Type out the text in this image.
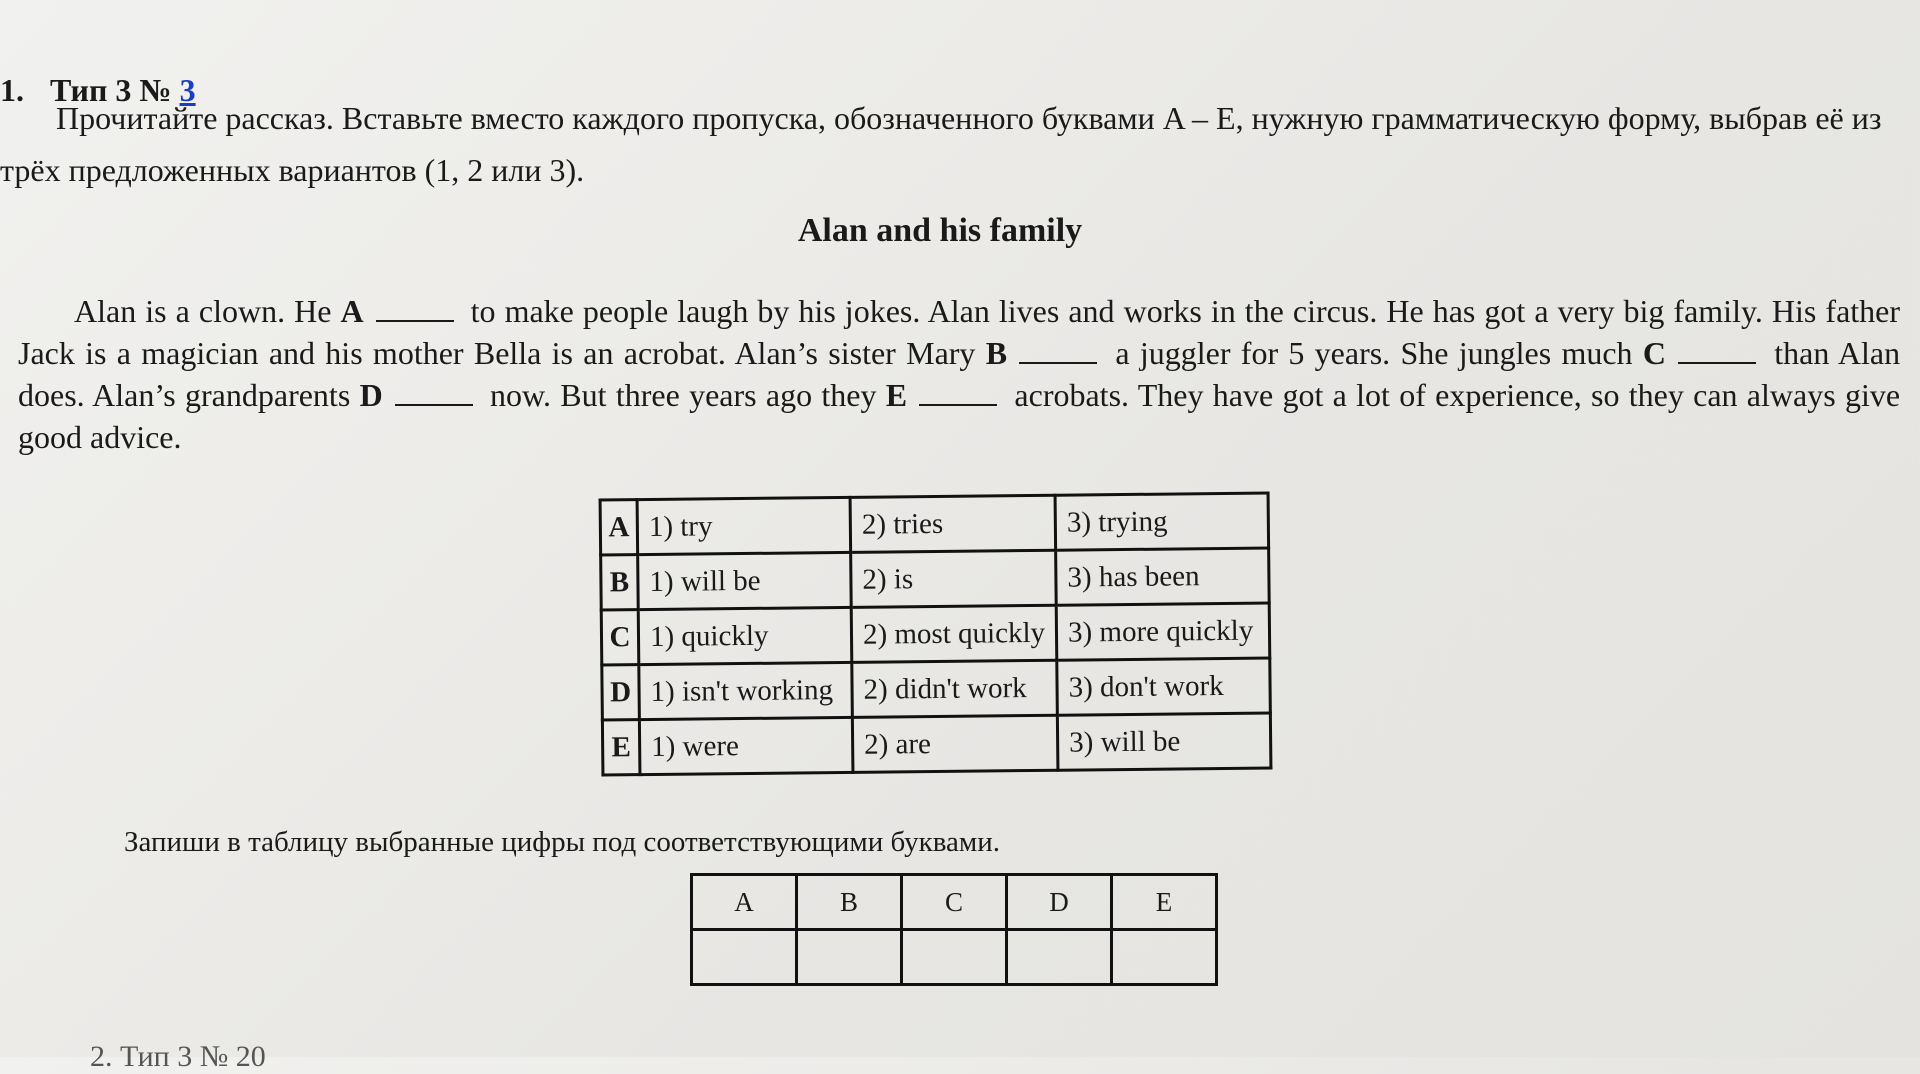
1. Тип 3 № 3
Прочитайте рассказ. Вставьте вместо каждого пропуска, обозначенного буквами A – E, нужную грамматическую форму, выбрав её из трёх предложенных вариантов (1, 2 или 3).
Alan and his family
Alan is a clown. He A	to make people laugh by his jokes. Alan lives and works in the circus. He has got a very big family. His father Jack is a magician and his mother Bella is an acrobat. Alan’s sister Mary B	a juggler for 5 years. She jungles much C	than Alan does. Alan’s grandparents D	now. But three years ago they E	acrobats. They have got a lot of experience, so they can always give good advice.
A	1) try	2) tries	3) trying
B	1) will be	2) is	3) has been
C	1) quickly	2) most quickly	3) more quickly
D	1) isn't working	2) didn't work	3) don't work
E	1) were	2) are	3) will be
Запиши в таблицу выбранные цифры под соответствующими буквами.
A	B	C	D	E

2. Тип 3 № 20
